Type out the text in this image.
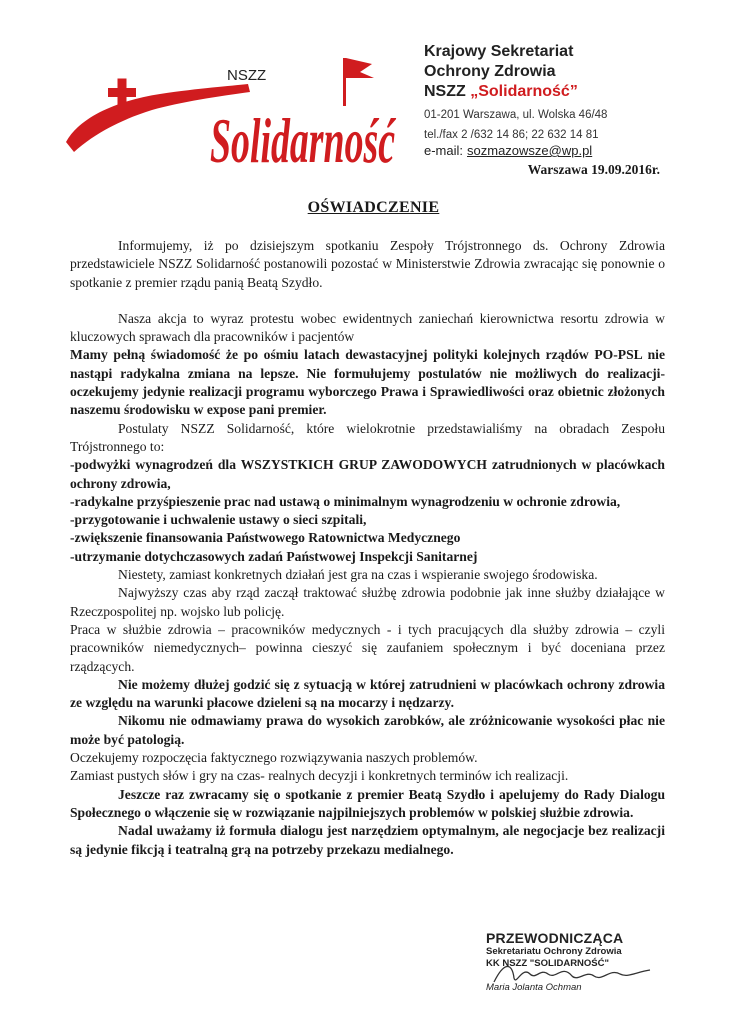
Solidarność
NSZZ
Krajowy Sekretariat
Ochrony Zdrowia
NSZZ „Solidarność”
01-201 Warszawa, ul. Wolska 46/48
tel./fax 2 /632 14 86; 22 632 14 81
e-mail: sozmazowsze@wp.pl
Warszawa 19.09.2016r.
OŚWIADCZENIE

Informujemy, iż po dzisiejszym spotkaniu Zespoły Trójstronnego ds. Ochrony Zdrowia przedstawiciele NSZZ Solidarność postanowili pozostać w Ministerstwie Zdrowia zwracając się ponownie o spotkanie z premier rządu panią Beatą Szydło.

Nasza akcja to wyraz protestu wobec ewidentnych zaniechań kierownictwa resortu zdrowia w kluczowych sprawach dla pracowników i pacjentów

Mamy pełną świadomość że po ośmiu latach dewastacyjnej polityki kolejnych rządów PO-PSL nie nastąpi radykalna zmiana na lepsze. Nie formułujemy postulatów nie możliwych do realizacji- oczekujemy jedynie realizacji programu wyborczego Prawa i Sprawiedliwości oraz obietnic złożonych naszemu środowisku w expose pani premier.

Postulaty NSZZ Solidarność, które wielokrotnie przedstawialiśmy na obradach Zespołu Trójstronnego to:

-podwyżki wynagrodzeń dla WSZYSTKICH GRUP ZAWODOWYCH zatrudnionych w placówkach ochrony zdrowia,

-radykalne przyśpieszenie prac nad ustawą o minimalnym wynagrodzeniu w ochronie zdrowia,

-przygotowanie i uchwalenie ustawy o sieci szpitali,

-zwiększenie finansowania Państwowego Ratownictwa Medycznego

-utrzymanie dotychczasowych zadań Państwowej Inspekcji Sanitarnej

Niestety, zamiast konkretnych działań jest gra na czas i wspieranie swojego środowiska.

Najwyższy czas aby rząd zaczął traktować służbę zdrowia podobnie jak inne służby działające w Rzeczpospolitej np. wojsko lub policję.

Praca w służbie zdrowia – pracowników medycznych - i tych pracujących dla służby zdrowia – czyli pracowników niemedycznych– powinna cieszyć się zaufaniem społecznym i być doceniana przez rządzących.

Nie możemy dłużej godzić się z sytuacją w której zatrudnieni w placówkach ochrony zdrowia ze względu na warunki płacowe dzieleni są na mocarzy i nędzarzy.

Nikomu nie odmawiamy prawa do wysokich zarobków, ale zróżnicowanie wysokości płac nie może być patologią.

Oczekujemy rozpoczęcia faktycznego rozwiązywania naszych problemów.

Zamiast pustych słów i gry na czas- realnych decyzji i konkretnych terminów ich realizacji.

Jeszcze raz zwracamy się o spotkanie z premier Beatą Szydło i apelujemy do Rady Dialogu Społecznego o włączenie się w rozwiązanie najpilniejszych problemów w polskiej służbie zdrowia.

Nadal uważamy iż formuła dialogu jest narzędziem optymalnym, ale negocjacje bez realizacji są jedynie fikcją i teatralną grą na potrzeby przekazu medialnego.

PRZEWODNICZĄCA
Sekretariatu Ochrony Zdrowia
KK NSZZ "SOLIDARNOŚĆ"
Maria Jolanta Ochman
